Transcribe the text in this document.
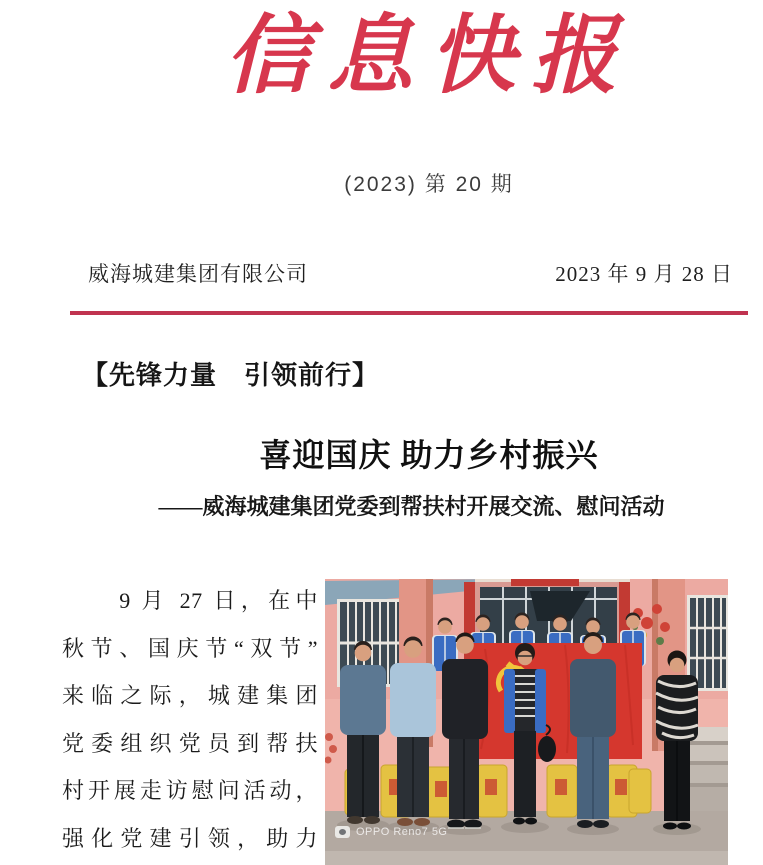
信息快报
(2023) 第 20 期
威海城建集团有限公司	2023 年 9 月 28 日
【先锋力量　引领前行】
喜迎国庆 助力乡村振兴
——威海城建集团党委到帮扶村开展交流、慰问活动
9 月 27 日，在中
秋节、国庆节“双节”
来临之际，城建集团
党委组织党员到帮扶
村开展走访慰问活动，
强化党建引领，助力	OPPO Reno7 5G
